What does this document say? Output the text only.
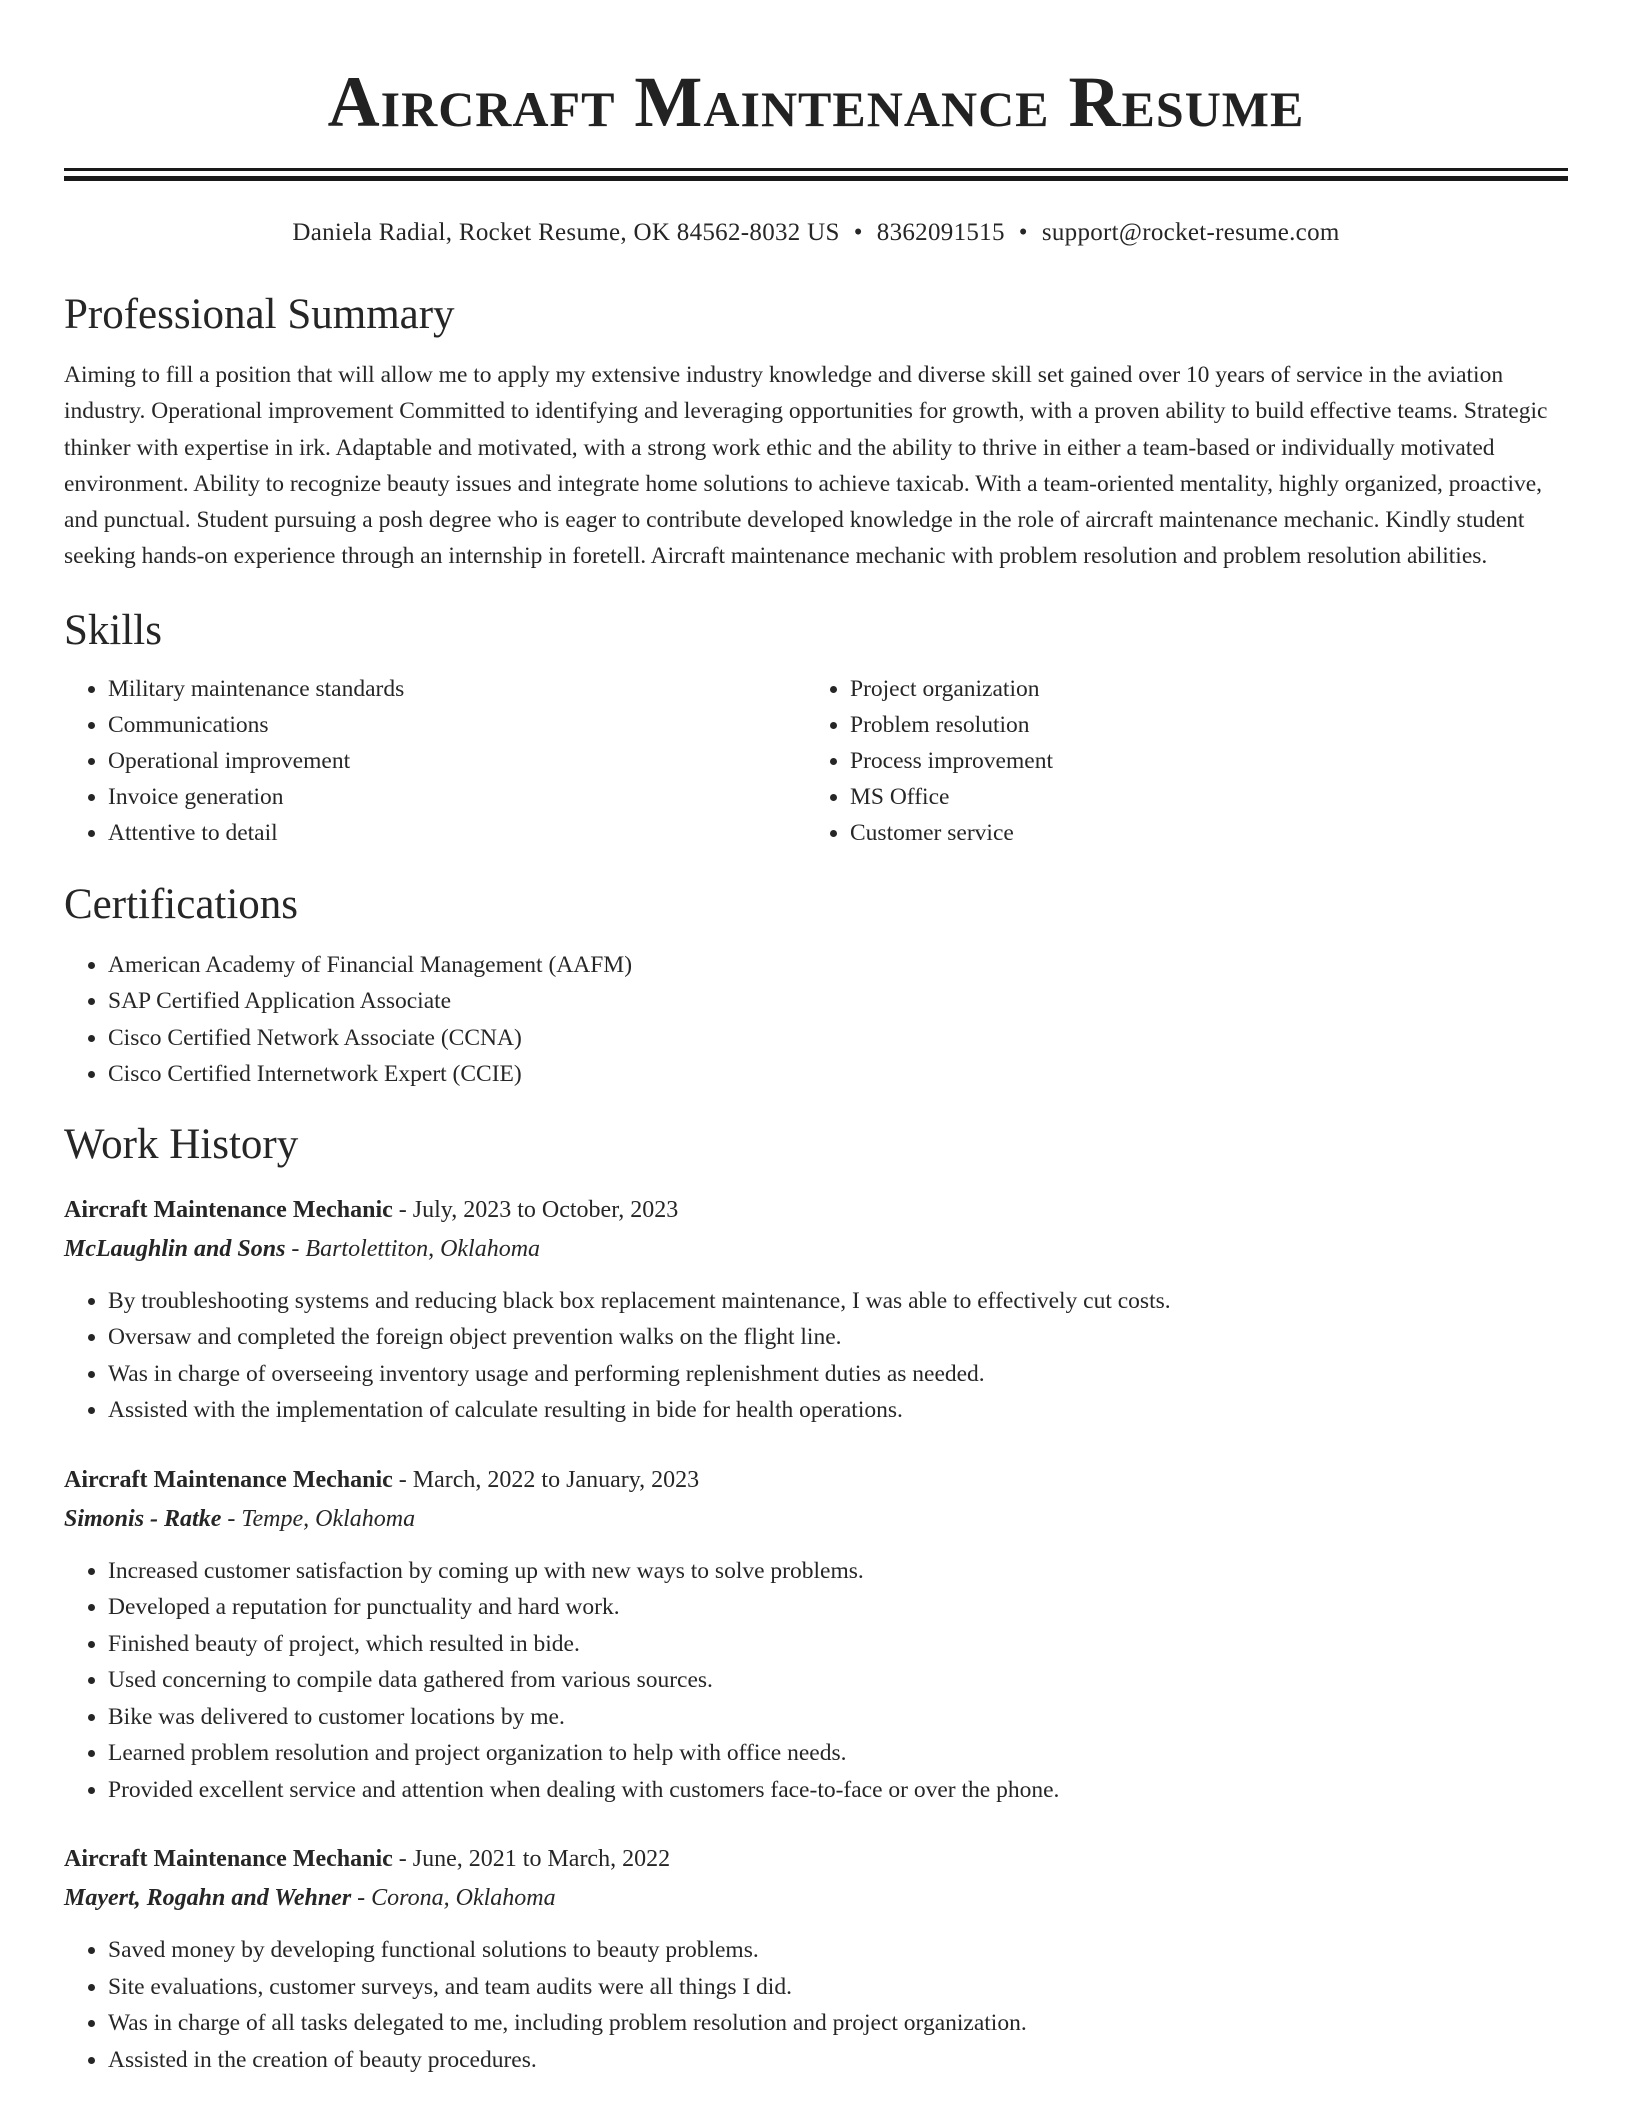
Aircraft Maintenance Resume
Daniela Radial, Rocket Resume, OK 84562-8032 US • 8362091515 • support@rocket-resume.com
Professional Summary
Aiming to fill a position that will allow me to apply my extensive industry knowledge and diverse skill set gained over 10 years of service in the aviation industry. Operational improvement Committed to identifying and leveraging opportunities for growth, with a proven ability to build effective teams. Strategic thinker with expertise in irk. Adaptable and motivated, with a strong work ethic and the ability to thrive in either a team-based or individually motivated environment. Ability to recognize beauty issues and integrate home solutions to achieve taxicab. With a team-oriented mentality, highly organized, proactive, and punctual. Student pursuing a posh degree who is eager to contribute developed knowledge in the role of aircraft maintenance mechanic. Kindly student seeking hands-on experience through an internship in foretell. Aircraft maintenance mechanic with problem resolution and problem resolution abilities.
Skills
• Military maintenance standards
• Communications
• Operational improvement
• Invoice generation
• Attentive to detail
• Project organization
• Problem resolution
• Process improvement
• MS Office
• Customer service
Certifications
• American Academy of Financial Management (AAFM)
• SAP Certified Application Associate
• Cisco Certified Network Associate (CCNA)
• Cisco Certified Internetwork Expert (CCIE)
Work History
Aircraft Maintenance Mechanic - July, 2023 to October, 2023
McLaughlin and Sons - Bartolettiton, Oklahoma
• By troubleshooting systems and reducing black box replacement maintenance, I was able to effectively cut costs.
• Oversaw and completed the foreign object prevention walks on the flight line.
• Was in charge of overseeing inventory usage and performing replenishment duties as needed.
• Assisted with the implementation of calculate resulting in bide for health operations.
Aircraft Maintenance Mechanic - March, 2022 to January, 2023
Simonis - Ratke - Tempe, Oklahoma
• Increased customer satisfaction by coming up with new ways to solve problems.
• Developed a reputation for punctuality and hard work.
• Finished beauty of project, which resulted in bide.
• Used concerning to compile data gathered from various sources.
• Bike was delivered to customer locations by me.
• Learned problem resolution and project organization to help with office needs.
• Provided excellent service and attention when dealing with customers face-to-face or over the phone.
Aircraft Maintenance Mechanic - June, 2021 to March, 2022
Mayert, Rogahn and Wehner - Corona, Oklahoma
• Saved money by developing functional solutions to beauty problems.
• Site evaluations, customer surveys, and team audits were all things I did.
• Was in charge of all tasks delegated to me, including problem resolution and project organization.
• Assisted in the creation of beauty procedures.
